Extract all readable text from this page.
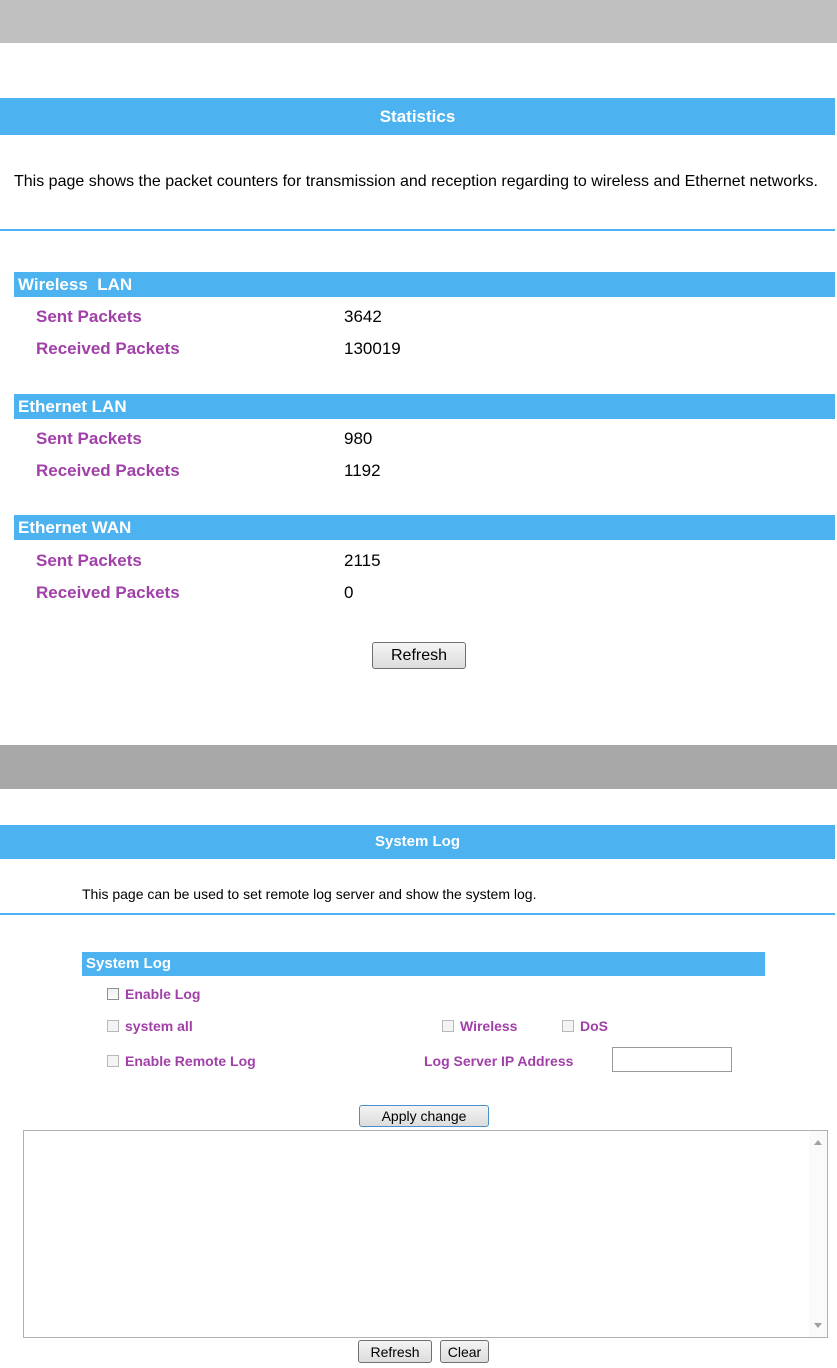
Statistics
This page shows the packet counters for transmission and reception regarding to wireless and Ethernet networks.
Wireless  LAN
Sent Packets	3642
Received Packets	130019
Ethernet LAN
Sent Packets	980
Received Packets	1192
Ethernet WAN
Sent Packets	2115
Received Packets	0
Refresh
System Log
This page can be used to set remote log server and show the system log.
System Log
Enable Log
system all	Wireless	DoS
Enable Remote Log	Log Server IP Address
Apply change
Refresh	Clear
